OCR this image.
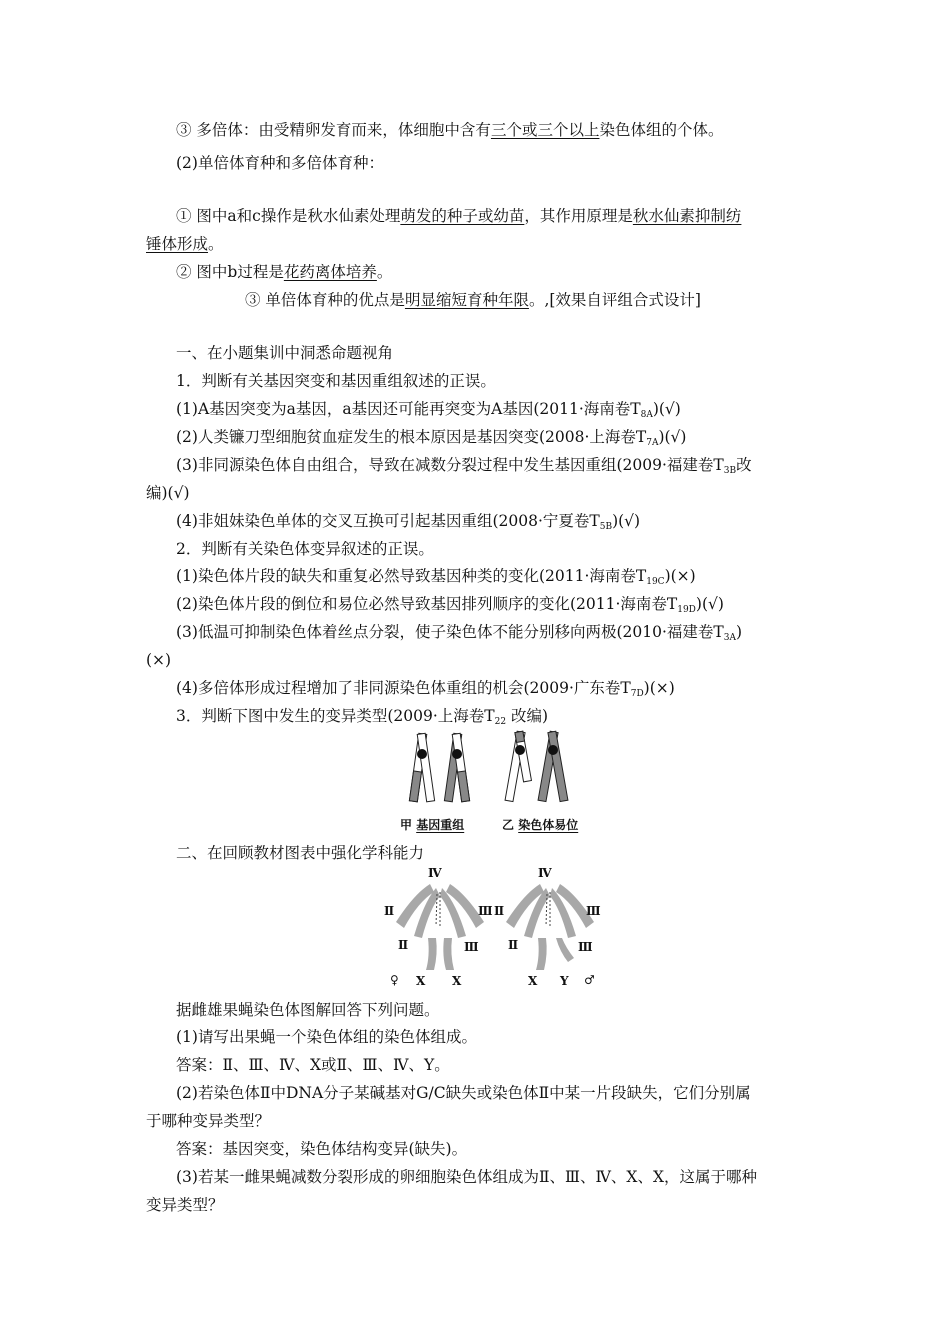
③ 多倍体：由受精卵发育而来，体细胞中含有三个或三个以上染色体组的个体。
(2)单倍体育种和多倍体育种：
① 图中a和c操作是秋水仙素处理萌发的种子或幼苗，其作用原理是秋水仙素抑制纺
锤体形成。
② 图中b过程是花药离体培养。
③ 单倍体育种的优点是明显缩短育种年限。,[效果自评组合式设计]
一、在小题集训中洞悉命题视角
1．判断有关基因突变和基因重组叙述的正误。
(1)A基因突变为a基因，a基因还可能再突变为A基因(2011·海南卷$T_{8A})(√)$
(2)人类镰刀型细胞贫血症发生的根本原因是基因突变(2008·上海卷$T_{7A})(√)$
(3)非同源染色体自由组合，导致在减数分裂过程中发生基因重组(2009·福建卷$T_{3B}$改
编)(√)
(4)非姐妹染色单体的交叉互换可引起基因重组(2008·宁夏卷$T_{5B})(√)$
2．判断有关染色体变异叙述的正误。
(1)染色体片段的缺失和重复必然导致基因种类的变化(2011·海南卷$T_{19C})(\times)$
(2)染色体片段的倒位和易位必然导致基因排列顺序的变化(2011·海南卷$T_{19D})(√)$
(3)低温可抑制染色体着丝点分裂，使子染色体不能分别移向两极(2010·福建卷$T_{3A}$)
(×)
(4)多倍体形成过程增加了非同源染色体重组的机会(2009·广东卷$T_{7D})(\times)$
3．判断下图中发生的变异类型(2009·上海卷$T_{22}$ 改编)
甲 基因重组	乙 染色体易位
二、在回顾教材图表中强化学科能力
Ⅳ
Ⅱ	Ⅲ
Ⅱ	Ⅲ
♀ X X
Ⅳ
Ⅱ	Ⅲ
Ⅱ	Ⅲ
X Y ♂
据雌雄果蝇染色体图解回答下列问题。
(1)请写出果蝇一个染色体组的染色体组成。
答案：Ⅱ、Ⅲ、Ⅳ、X或Ⅱ、Ⅲ、Ⅳ、Y。
(2)若染色体Ⅱ中DNA分子某碱基对G/C缺失或染色体Ⅱ中某一片段缺失，它们分别属
于哪种变异类型？
答案：基因突变，染色体结构变异(缺失)。
(3)若某一雌果蝇减数分裂形成的卵细胞染色体组成为Ⅱ、Ⅲ、Ⅳ、X、X，这属于哪种
变异类型？
